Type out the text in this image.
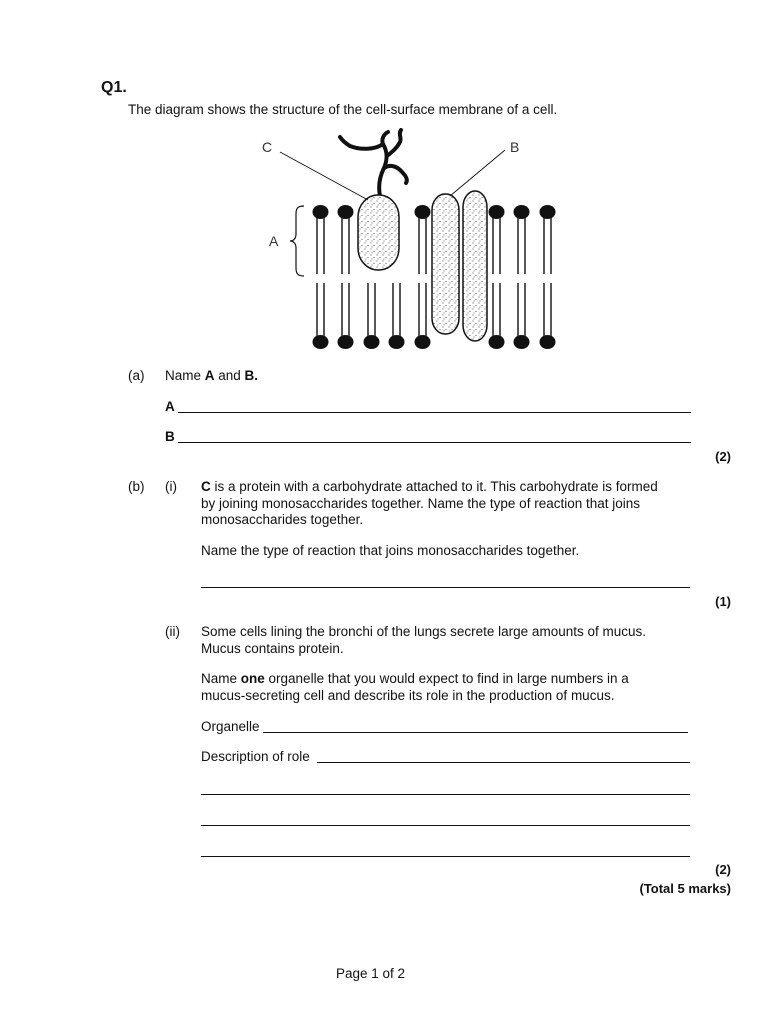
Q1.
The diagram shows the structure of the cell-surface membrane of a cell.
C	B
A
(a) Name A and B.
A
B
(2)
(b) (i) C is a protein with a carbohydrate attached to it. This carbohydrate is formed
by joining monosaccharides together. Name the type of reaction that joins
monosaccharides together.
Name the type of reaction that joins monosaccharides together.
(1)
(ii) Some cells lining the bronchi of the lungs secrete large amounts of mucus.
Mucus contains protein.
Name one organelle that you would expect to find in large numbers in a
mucus-secreting cell and describe its role in the production of mucus.
Organelle
Description of role
(2)
(Total 5 marks)
Page 1 of 2
